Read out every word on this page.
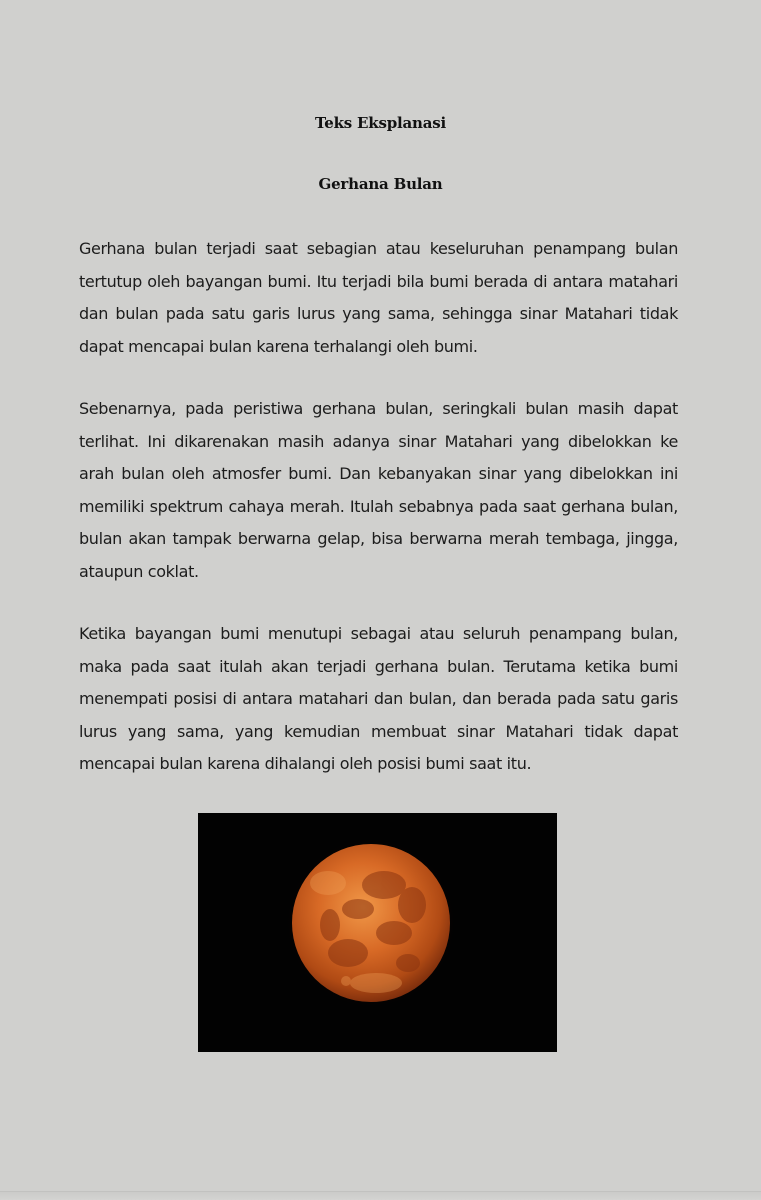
Teks Eksplanasi
Gerhana Bulan

Gerhana bulan terjadi saat sebagian atau keseluruhan penampang bulan tertutup oleh bayangan bumi. Itu terjadi bila bumi berada di antara matahari dan bulan pada satu garis lurus yang sama, sehingga sinar Matahari tidak dapat mencapai bulan karena terhalangi oleh bumi.

Sebenarnya, pada peristiwa gerhana bulan, seringkali bulan masih dapat terlihat. Ini dikarenakan masih adanya sinar Matahari yang dibelokkan ke arah bulan oleh atmosfer bumi. Dan kebanyakan sinar yang dibelokkan ini memiliki spektrum cahaya merah. Itulah sebabnya pada saat gerhana bulan, bulan akan tampak berwarna gelap, bisa berwarna merah tembaga, jingga, ataupun coklat.

Ketika bayangan bumi menutupi sebagai atau seluruh penampang bulan, maka pada saat itulah akan terjadi gerhana bulan. Terutama ketika bumi menempati posisi di antara matahari dan bulan, dan berada pada satu garis lurus yang sama, yang kemudian membuat sinar Matahari tidak dapat mencapai bulan karena dihalangi oleh posisi bumi saat itu.
